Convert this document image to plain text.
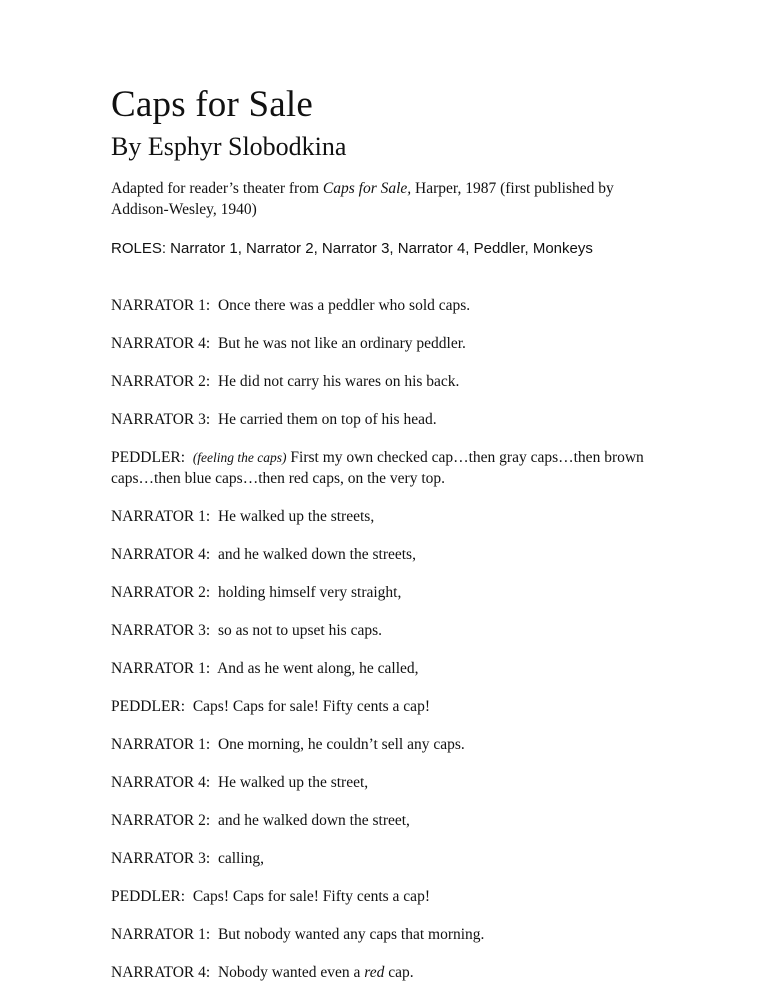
Caps for Sale
By Esphyr Slobodkina

Adapted for reader’s theater from Caps for Sale, Harper, 1987 (first published by Addison-Wesley, 1940)

ROLES: Narrator 1, Narrator 2, Narrator 3, Narrator 4, Peddler, Monkeys

NARRATOR 1: Once there was a peddler who sold caps.

NARRATOR 4: But he was not like an ordinary peddler.

NARRATOR 2: He did not carry his wares on his back.

NARRATOR 3: He carried them on top of his head.

PEDDLER: (feeling the caps) First my own checked cap…then gray caps…then brown caps…then blue caps…then red caps, on the very top.

NARRATOR 1: He walked up the streets,

NARRATOR 4: and he walked down the streets,

NARRATOR 2: holding himself very straight,

NARRATOR 3: so as not to upset his caps.

NARRATOR 1: And as he went along, he called,

PEDDLER: Caps! Caps for sale! Fifty cents a cap!

NARRATOR 1: One morning, he couldn’t sell any caps.

NARRATOR 4: He walked up the street,

NARRATOR 2: and he walked down the street,

NARRATOR 3: calling,

PEDDLER: Caps! Caps for sale! Fifty cents a cap!

NARRATOR 1: But nobody wanted any caps that morning.

NARRATOR 4: Nobody wanted even a red cap.
